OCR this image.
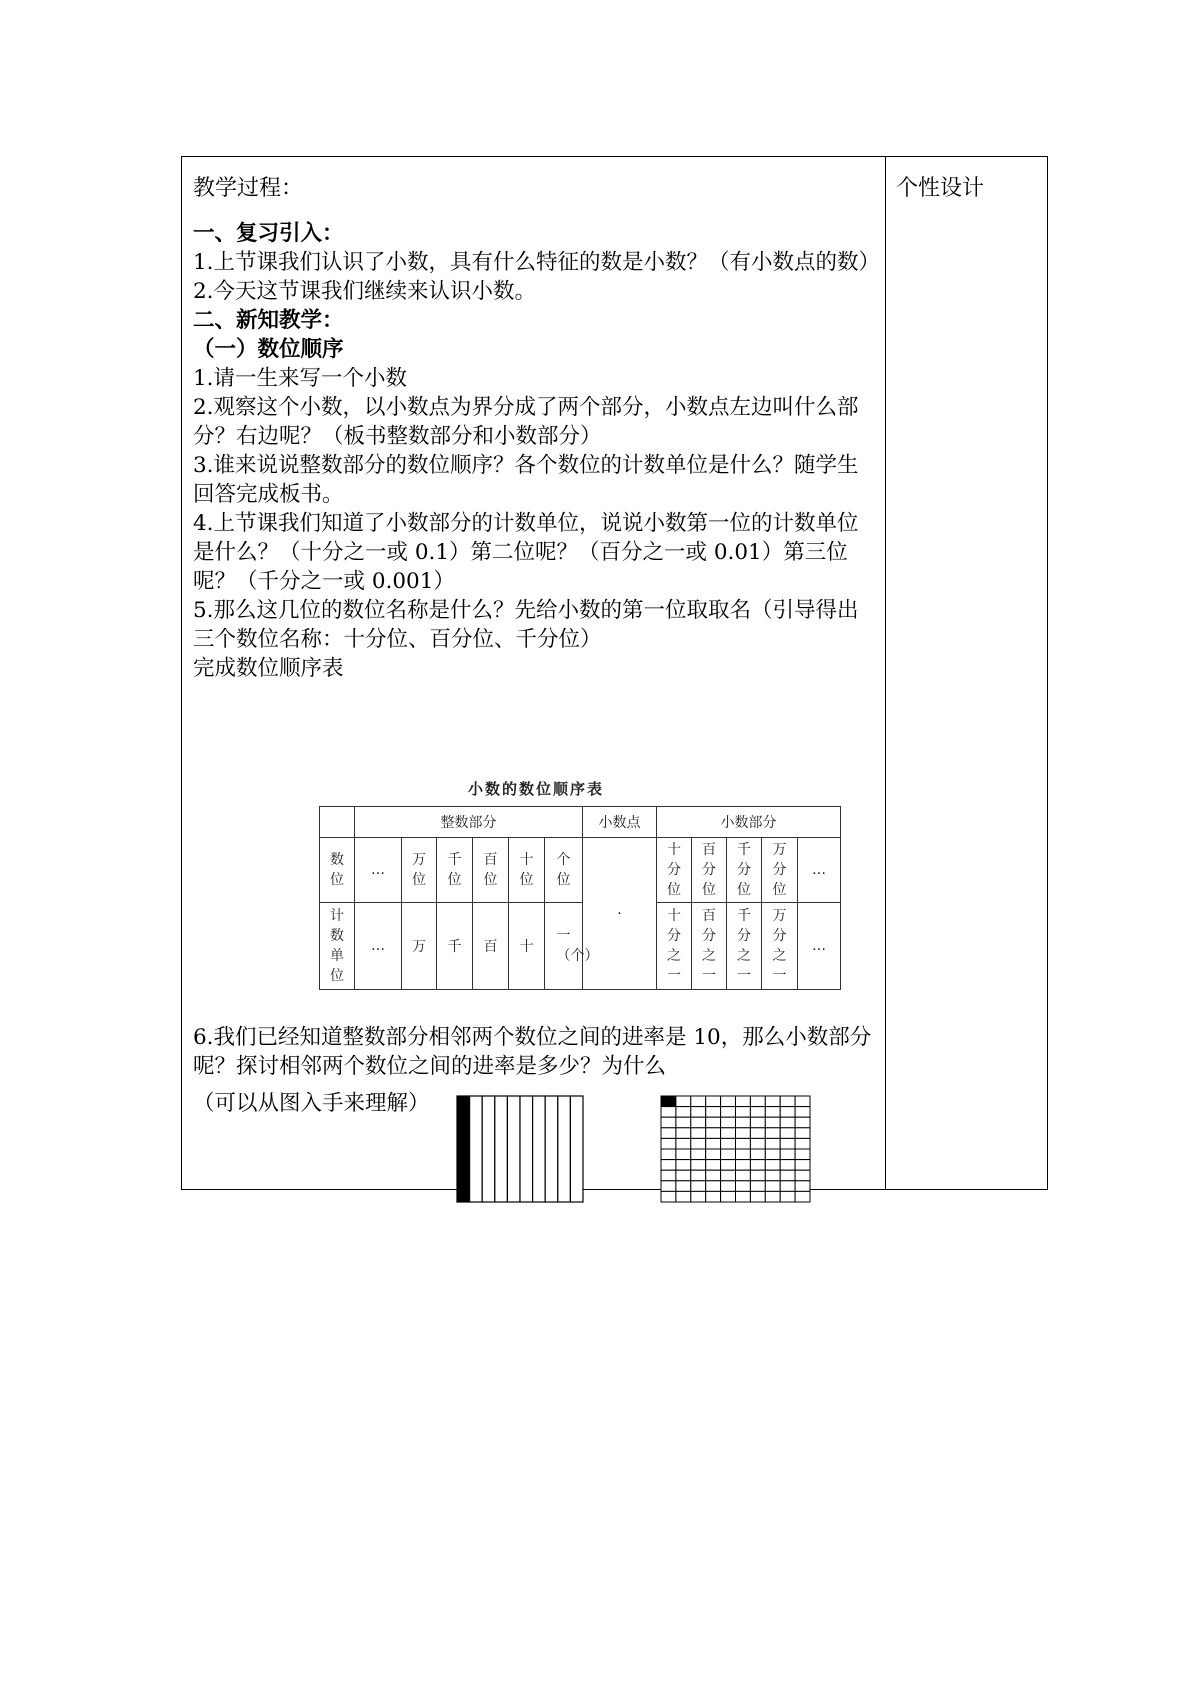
个性设计
教学过程：

一、复习引入：

1.上节课我们认识了小数，具有什么特征的数是小数？（有小数点的数）

2.今天这节课我们继续来认识小数。

二、新知教学：

（一）数位顺序

1.请一生来写一个小数

2.观察这个小数，以小数点为界分成了两个部分，小数点左边叫什么部分？右边呢？（板书整数部分和小数部分）

3.谁来说说整数部分的数位顺序？各个数位的计数单位是什么？随学生回答完成板书。

4.上节课我们知道了小数部分的计数单位，说说小数第一位的计数单位是什么？（十分之一或 0.1）第二位呢？（百分之一或 0.01）第三位呢？（千分之一或 0.001）

5.那么这几位的数位名称是什么？先给小数的第一位取取名（引导得出三个数位名称：十分位、百分位、千分位）

完成数位顺序表

小数的数位顺序表
	整数部分						小数点	小数部分				
数位	…	万位	千位	百位	十位	个位	·	十分位	百分位	千分位	万分位	…
计数单位	…	万	千	百	十	一（个）		十分之一	百分之一	千分之一	万分之一	…

6.我们已经知道整数部分相邻两个数位之间的进率是 10，那么小数部分呢？探讨相邻两个数位之间的进率是多少？为什么

（可以从图入手来理解）
